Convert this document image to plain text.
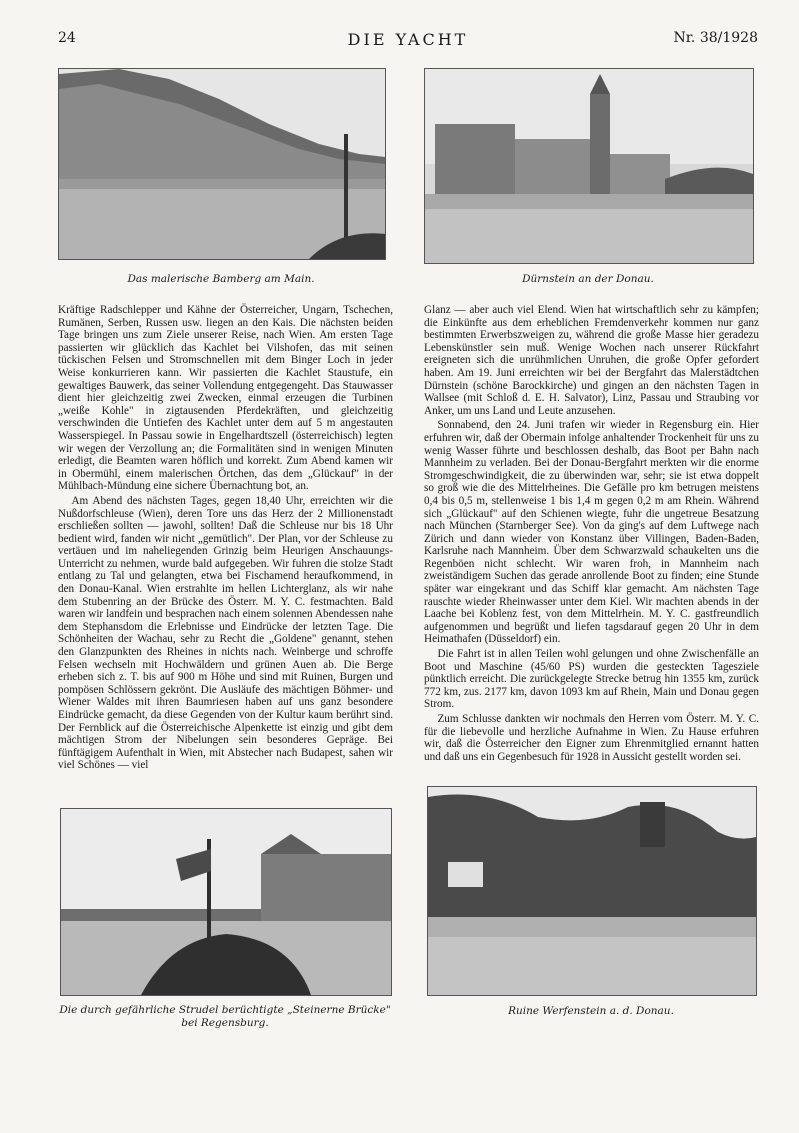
24	DIE YACHT	Nr. 38/1928
Das malerische Bamberg am Main.	Dürnstein an der Donau.

Kräftige Radschlepper und Kähne der Österreicher, Ungarn, Tschechen, Rumänen, Serben, Russen usw. liegen an den Kais. Die nächsten beiden Tage bringen uns zum Ziele unserer Reise, nach Wien. Am ersten Tage passierten wir glücklich das Kachlet bei Vilshofen, das mit seinen tückischen Felsen und Stromschnellen mit dem Binger Loch in jeder Weise konkurrieren kann. Wir passierten die Kachlet Staustufe, ein gewaltiges Bauwerk, das seiner Vollendung entgegengeht. Das Stauwasser dient hier gleichzeitig zwei Zwecken, einmal erzeugen die Turbinen „weiße Kohle" in zigtausenden Pferdekräften, und gleichzeitig verschwinden die Untiefen des Kachlet unter dem auf 5 m angestauten Wasserspiegel. In Passau sowie in Engelhardtszell (österreichisch) legten wir wegen der Verzollung an; die Formalitäten sind in wenigen Minuten erledigt, die Beamten waren höflich und korrekt. Zum Abend kamen wir in Obermühl, einem malerischen Örtchen, das dem „Glückauf" in der Mühlbach-Mündung eine sichere Übernachtung bot, an.

Am Abend des nächsten Tages, gegen 18,40 Uhr, erreichten wir die Nußdorfschleuse (Wien), deren Tore uns das Herz der 2 Millionenstadt erschließen sollten — jawohl, sollten! Daß die Schleuse nur bis 18 Uhr bedient wird, fanden wir nicht „gemütlich". Der Plan, vor der Schleuse zu vertäuen und im naheliegenden Grinzig beim Heurigen Anschauungs-Unterricht zu nehmen, wurde bald aufgegeben. Wir fuhren die stolze Stadt entlang zu Tal und gelangten, etwa bei Fischamend heraufkommend, in den Donau-Kanal. Wien erstrahlte im hellen Lichterglanz, als wir nahe dem Stubenring an der Brücke des Österr. M. Y. C. festmachten. Bald waren wir landfein und besprachen nach einem solennen Abendessen nahe dem Stephansdom die Erlebnisse und Eindrücke der letzten Tage. Die Schönheiten der Wachau, sehr zu Recht die „Goldene" genannt, stehen den Glanzpunkten des Rheines in nichts nach. Weinberge und schroffe Felsen wechseln mit Hochwäldern und grünen Auen ab. Die Berge erheben sich z. T. bis auf 900 m Höhe und sind mit Ruinen, Burgen und pompösen Schlössern gekrönt. Die Ausläufe des mächtigen Böhmer- und Wiener Waldes mit ihren Baumriesen haben auf uns ganz besondere Eindrücke gemacht, da diese Gegenden von der Kultur kaum berührt sind. Der Fernblick auf die Österreichische Alpenkette ist einzig und gibt dem mächtigen Strom der Nibelungen sein besonderes Gepräge. Bei fünftägigem Aufenthalt in Wien, mit Abstecher nach Budapest, sahen wir viel Schönes — viel

Glanz — aber auch viel Elend. Wien hat wirtschaftlich sehr zu kämpfen; die Einkünfte aus dem erheblichen Fremdenverkehr kommen nur ganz bestimmten Erwerbszweigen zu, während die große Masse hier geradezu Lebenskünstler sein muß. Wenige Wochen nach unserer Rückfahrt ereigneten sich die unrühmlichen Unruhen, die große Opfer gefordert haben. Am 19. Juni erreichten wir bei der Bergfahrt das Malerstädtchen Dürnstein (schöne Barockkirche) und gingen an den nächsten Tagen in Wallsee (mit Schloß d. E. H. Salvator), Linz, Passau und Straubing vor Anker, um uns Land und Leute anzusehen.

Sonnabend, den 24. Juni trafen wir wieder in Regensburg ein. Hier erfuhren wir, daß der Obermain infolge anhaltender Trockenheit für uns zu wenig Wasser führte und beschlossen deshalb, das Boot per Bahn nach Mannheim zu verladen. Bei der Donau-Bergfahrt merkten wir die enorme Stromgeschwindigkeit, die zu überwinden war, sehr; sie ist etwa doppelt so groß wie die des Mittelrheines. Die Gefälle pro km betrugen meistens 0,4 bis 0,5 m, stellenweise 1 bis 1,4 m gegen 0,2 m am Rhein. Während sich „Glückauf" auf den Schienen wiegte, fuhr die ungetreue Besatzung nach München (Starnberger See). Von da ging's auf dem Luftwege nach Zürich und dann wieder von Konstanz über Villingen, Baden-Baden, Karlsruhe nach Mannheim. Über dem Schwarzwald schaukelten uns die Regenböen nicht schlecht. Wir waren froh, in Mannheim nach zweiständigem Suchen das gerade anrollende Boot zu finden; eine Stunde später war eingekrant und das Schiff klar gemacht. Am nächsten Tage rauschte wieder Rheinwasser unter dem Kiel. Wir machten abends in der Laache bei Koblenz fest, von dem Mittelrhein. M. Y. C. gastfreundlich aufgenommen und begrüßt und liefen tagsdarauf gegen 20 Uhr in dem Heimathafen (Düsseldorf) ein.

Die Fahrt ist in allen Teilen wohl gelungen und ohne Zwischenfälle an Boot und Maschine (45/60 PS) wurden die gesteckten Tagesziele pünktlich erreicht. Die zurückgelegte Strecke betrug hin 1355 km, zurück 772 km, zus. 2177 km, davon 1093 km auf Rhein, Main und Donau gegen Strom.

Zum Schlusse dankten wir nochmals den Herren vom Österr. M. Y. C. für die liebevolle und herzliche Aufnahme in Wien. Zu Hause erfuhren wir, daß die Österreicher den Eigner zum Ehrenmitglied ernannt hatten und daß uns ein Gegenbesuch für 1928 in Aussicht gestellt worden sei.

Die durch gefährliche Strudel berüchtigte „Steinerne Brücke"
bei Regensburg.
Ruine Werfenstein a. d. Donau.
